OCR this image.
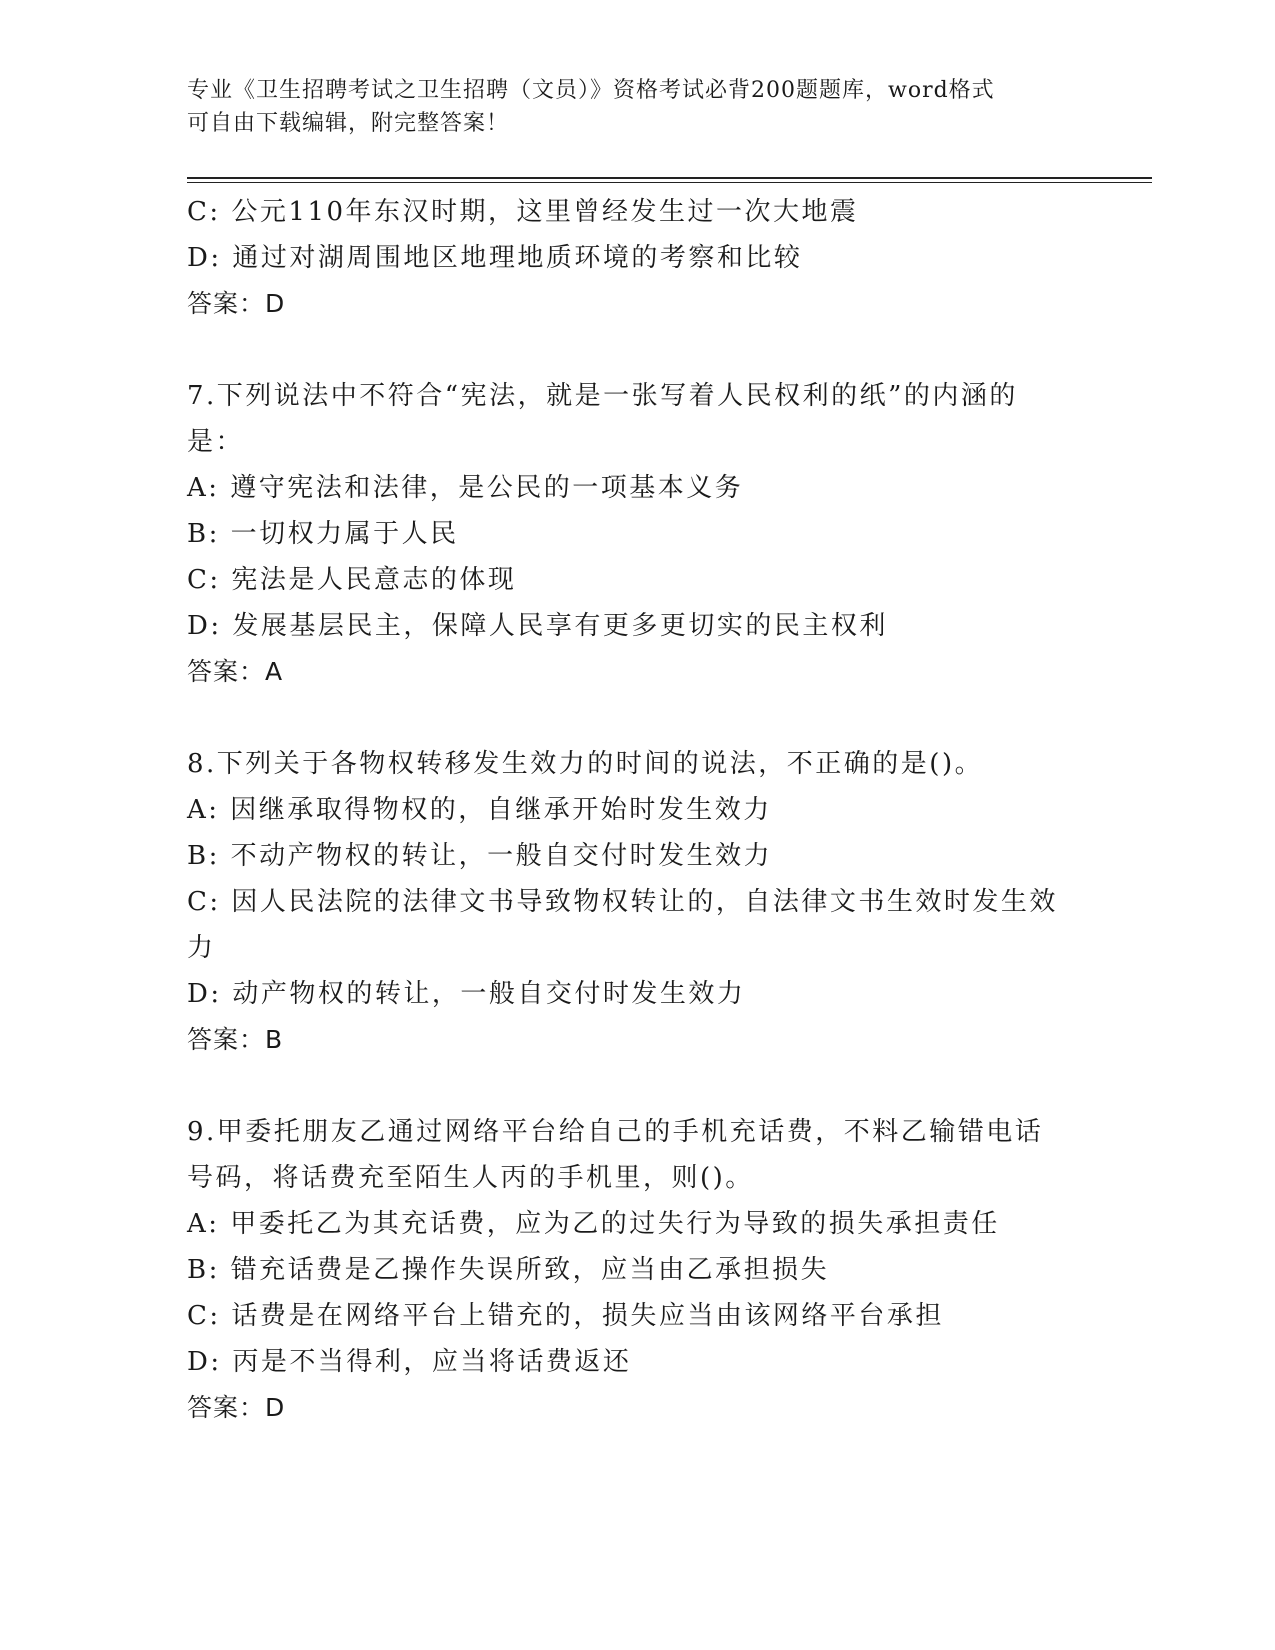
专业《卫生招聘考试之卫生招聘（文员）》资格考试必背200题题库，word格式
可自由下载编辑，附完整答案！
C: 公元110年东汉时期，这里曾经发生过一次大地震
D: 通过对湖周围地区地理地质环境的考察和比较
答案：D
7.下列说法中不符合“宪法，就是一张写着人民权利的纸”的内涵的
是：
A: 遵守宪法和法律，是公民的一项基本义务
B: 一切权力属于人民
C: 宪法是人民意志的体现
D: 发展基层民主，保障人民享有更多更切实的民主权利
答案：A
8.下列关于各物权转移发生效力的时间的说法，不正确的是()。
A: 因继承取得物权的，自继承开始时发生效力
B: 不动产物权的转让，一般自交付时发生效力
C: 因人民法院的法律文书导致物权转让的，自法律文书生效时发生效
力
D: 动产物权的转让，一般自交付时发生效力
答案：B
9.甲委托朋友乙通过网络平台给自己的手机充话费，不料乙输错电话
号码，将话费充至陌生人丙的手机里，则()。
A: 甲委托乙为其充话费，应为乙的过失行为导致的损失承担责任
B: 错充话费是乙操作失误所致，应当由乙承担损失
C: 话费是在网络平台上错充的，损失应当由该网络平台承担
D: 丙是不当得利，应当将话费返还
答案：D
